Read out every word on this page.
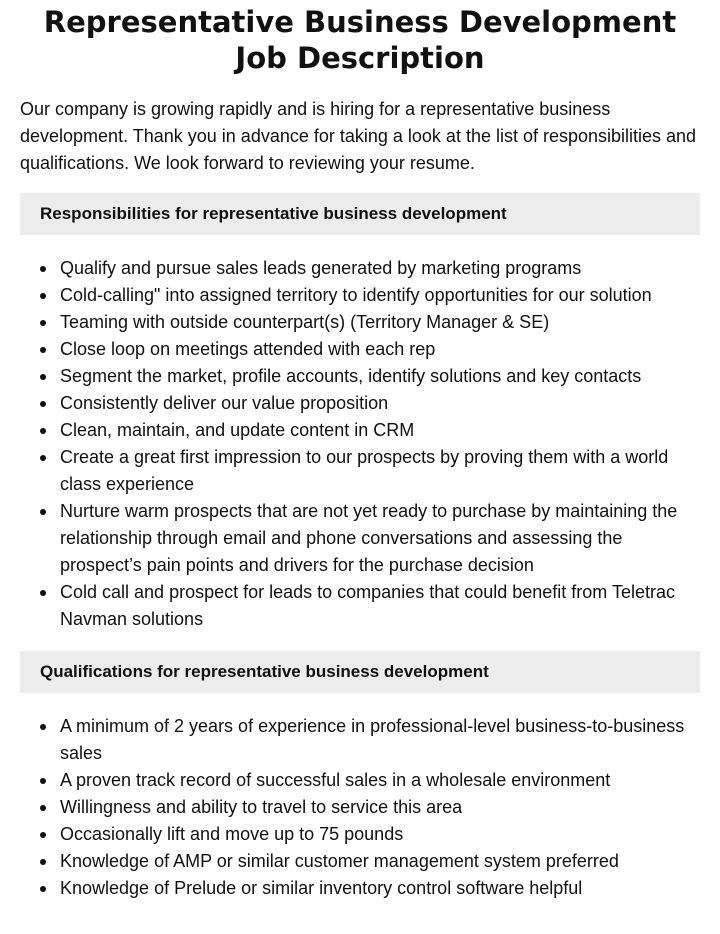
Representative Business Development Job Description

Our company is growing rapidly and is hiring for a representative business development. Thank you in advance for taking a look at the list of responsibilities and qualifications. We look forward to reviewing your resume.

Responsibilities for representative business development
Qualify and pursue sales leads generated by marketing programs
Cold-calling" into assigned territory to identify opportunities for our solution
Teaming with outside counterpart(s) (Territory Manager & SE)
Close loop on meetings attended with each rep
Segment the market, profile accounts, identify solutions and key contacts
Consistently deliver our value proposition
Clean, maintain, and update content in CRM
Create a great first impression to our prospects by proving them with a world class experience
Nurture warm prospects that are not yet ready to purchase by maintaining the relationship through email and phone conversations and assessing the prospect’s pain points and drivers for the purchase decision
Cold call and prospect for leads to companies that could benefit from Teletrac Navman solutions
Qualifications for representative business development
A minimum of 2 years of experience in professional-level business-to-business sales
A proven track record of successful sales in a wholesale environment
Willingness and ability to travel to service this area
Occasionally lift and move up to 75 pounds
Knowledge of AMP or similar customer management system preferred
Knowledge of Prelude or similar inventory control software helpful
